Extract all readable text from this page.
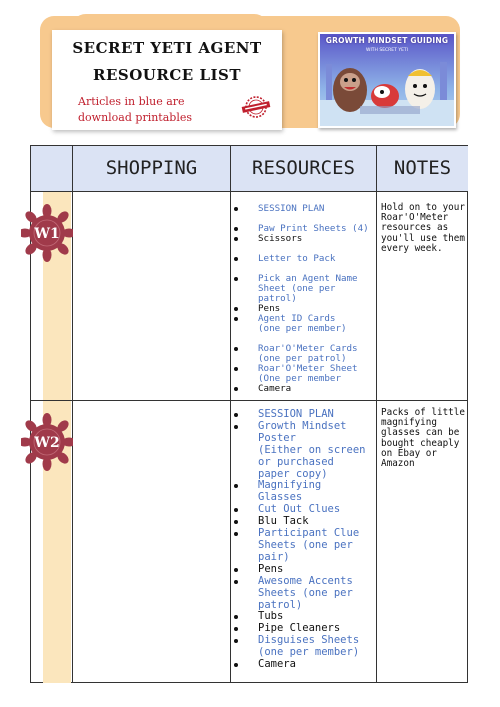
SECRET YETI AGENT
RESOURCE LIST
Articles in blue are
download printables
GROWTH MINDSET GUIDING
WITH SECRET YETI
SHOPPING	RESOURCES	NOTES
W1
W2
SESSION PLAN

Paw Print Sheets (4)
Scissors

Letter to Pack

Pick an Agent Name
Sheet (one per patrol)
Pens
Agent ID Cards
(one per member)

Roar'O'Meter Cards
(one per patrol)
Roar'O'Meter Sheet
(One per member
Camera
SESSION PLAN
Growth Mindset
Poster
(Either on screen
or purchased
paper copy)
Magnifying
Glasses
Cut Out Clues
Blu Tack
Participant Clue
Sheets (one per
pair)
Pens
Awesome Accents
Sheets (one per
patrol)
Tubs
Pipe Cleaners
Disguises Sheets
(one per member)
Camera
Hold on to your
Roar'O'Meter
resources as
you'll use them
every week.
Packs of little
magnifying
glasses can be
bought cheaply
on Ebay or
Amazon
